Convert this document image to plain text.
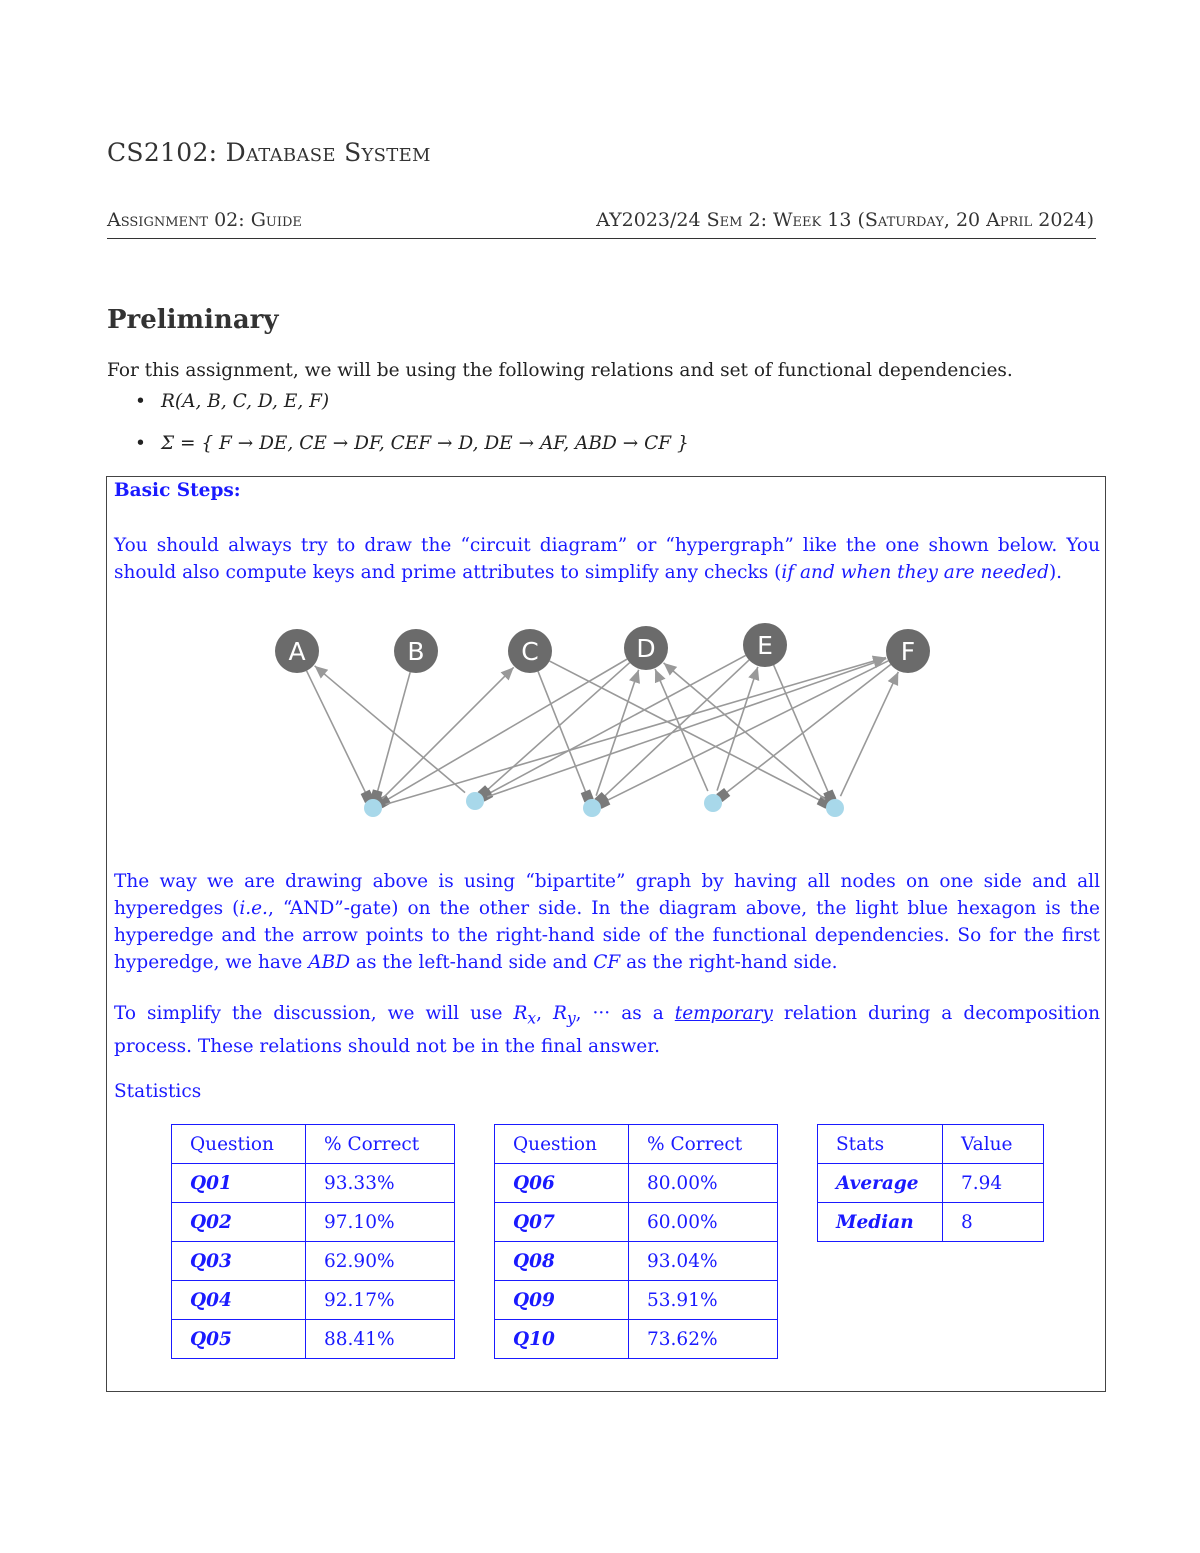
CS2102: Database System
Assignment 02: Guide	AY2023/24 Sem 2: Week 13 (Saturday, 20 April 2024)
Preliminary
For this assignment, we will be using the following relations and set of functional dependencies.
• R(A, B, C, D, E, F)
• Σ = { F → DE, CE → DF, CEF → D, DE → AF, ABD → CF }
Basic Steps:
You should always try to draw the “circuit diagram” or “hypergraph” like the one shown below. You should also compute keys and prime attributes to simplify any checks (if and when they are needed).
A	B	C	D	E	F
The way we are drawing above is using “bipartite” graph by having all nodes on one side and all hyperedges (i.e., “AND”-gate) on the other side. In the diagram above, the light blue hexagon is the hyperedge and the arrow points to the right-hand side of the functional dependencies. So for the first hyperedge, we have ABD as the left-hand side and CF as the right-hand side.
To simplify the discussion, we will use $R_x$, $R_y$, ··· as a temporary relation during a decomposition process. These relations should not be in the final answer.
Statistics
Question	% Correct
Q01	93.33%
Q02	97.10%
Q03	62.90%
Q04	92.17%
Q05	88.41%
Question	% Correct
Q06	80.00%
Q07	60.00%
Q08	93.04%
Q09	53.91%
Q10	73.62%
Stats	Value
Average	7.94
Median	8
